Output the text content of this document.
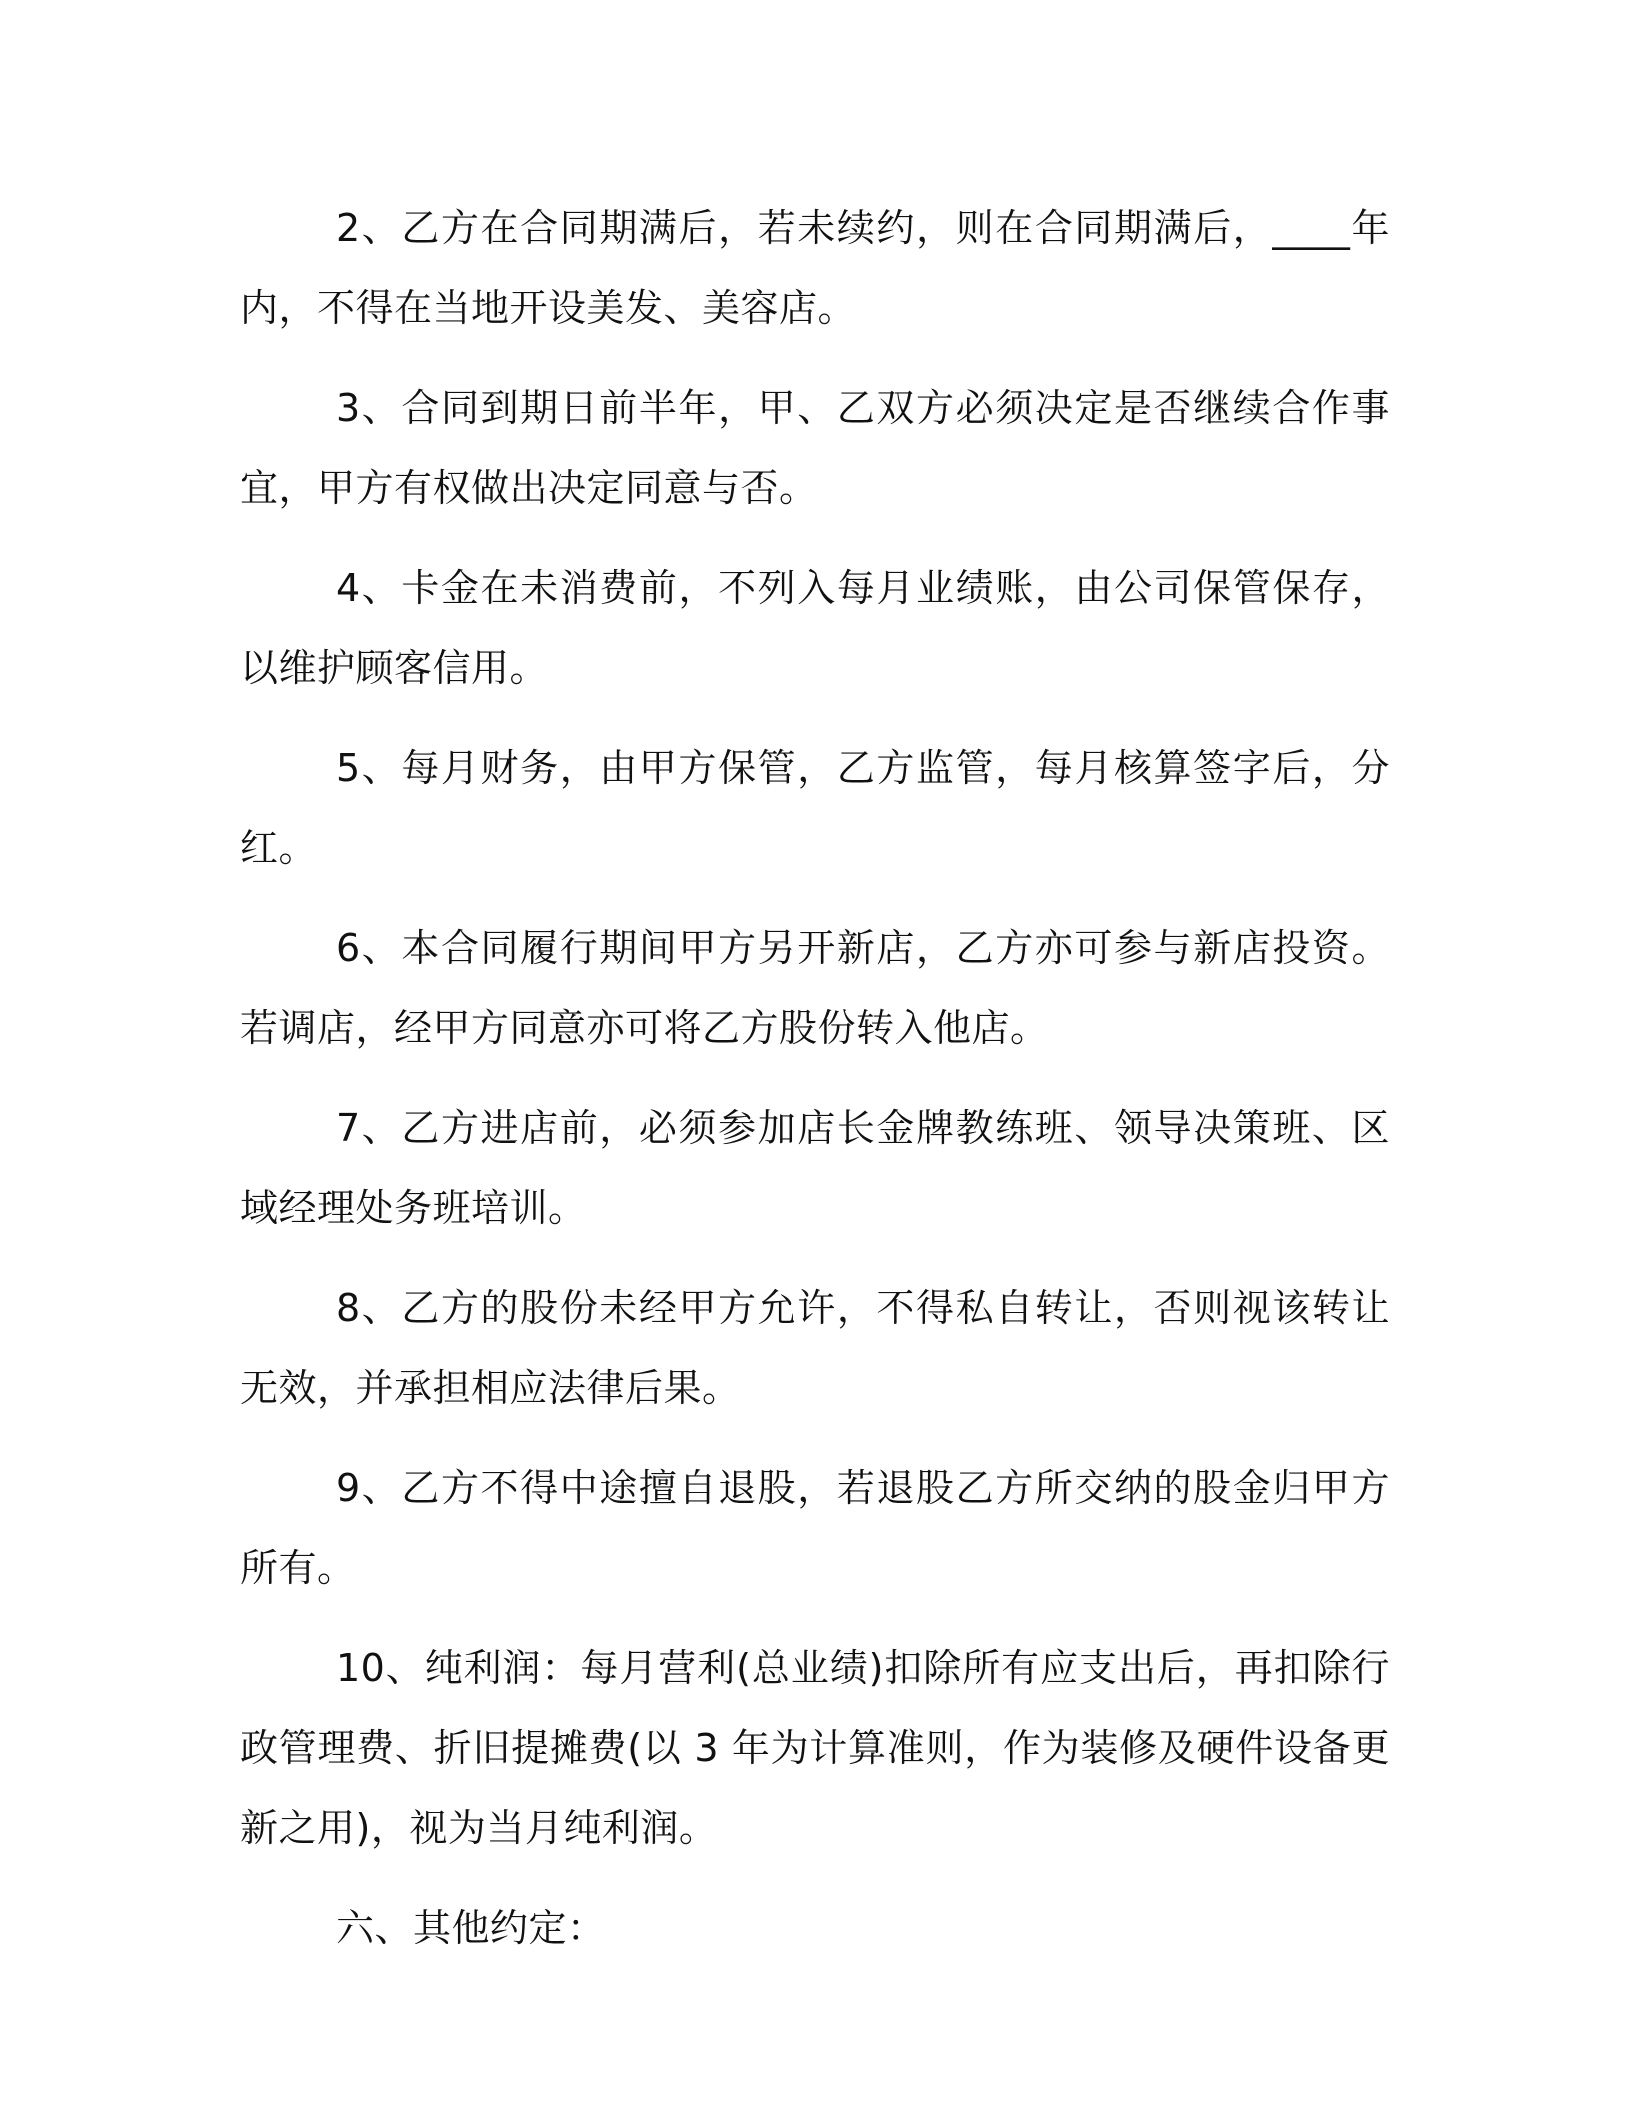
2、乙方在合同期满后，若未续约，则在合同期满后，____年内，不得在当地开设美发、美容店。

3、合同到期日前半年，甲、乙双方必须决定是否继续合作事宜，甲方有权做出决定同意与否。

4、卡金在未消费前，不列入每月业绩账，由公司保管保存，以维护顾客信用。

5、每月财务，由甲方保管，乙方监管，每月核算签字后，分红。

6、本合同履行期间甲方另开新店，乙方亦可参与新店投资。若调店，经甲方同意亦可将乙方股份转入他店。

7、乙方进店前，必须参加店长金牌教练班、领导决策班、区域经理处务班培训。

8、乙方的股份未经甲方允许，不得私自转让，否则视该转让无效，并承担相应法律后果。

9、乙方不得中途擅自退股，若退股乙方所交纳的股金归甲方所有。

10、纯利润：每月营利(总业绩)扣除所有应支出后，再扣除行政管理费、折旧提摊费(以 3 年为计算准则，作为装修及硬件设备更新之用)，视为当月纯利润。

六、其他约定：
